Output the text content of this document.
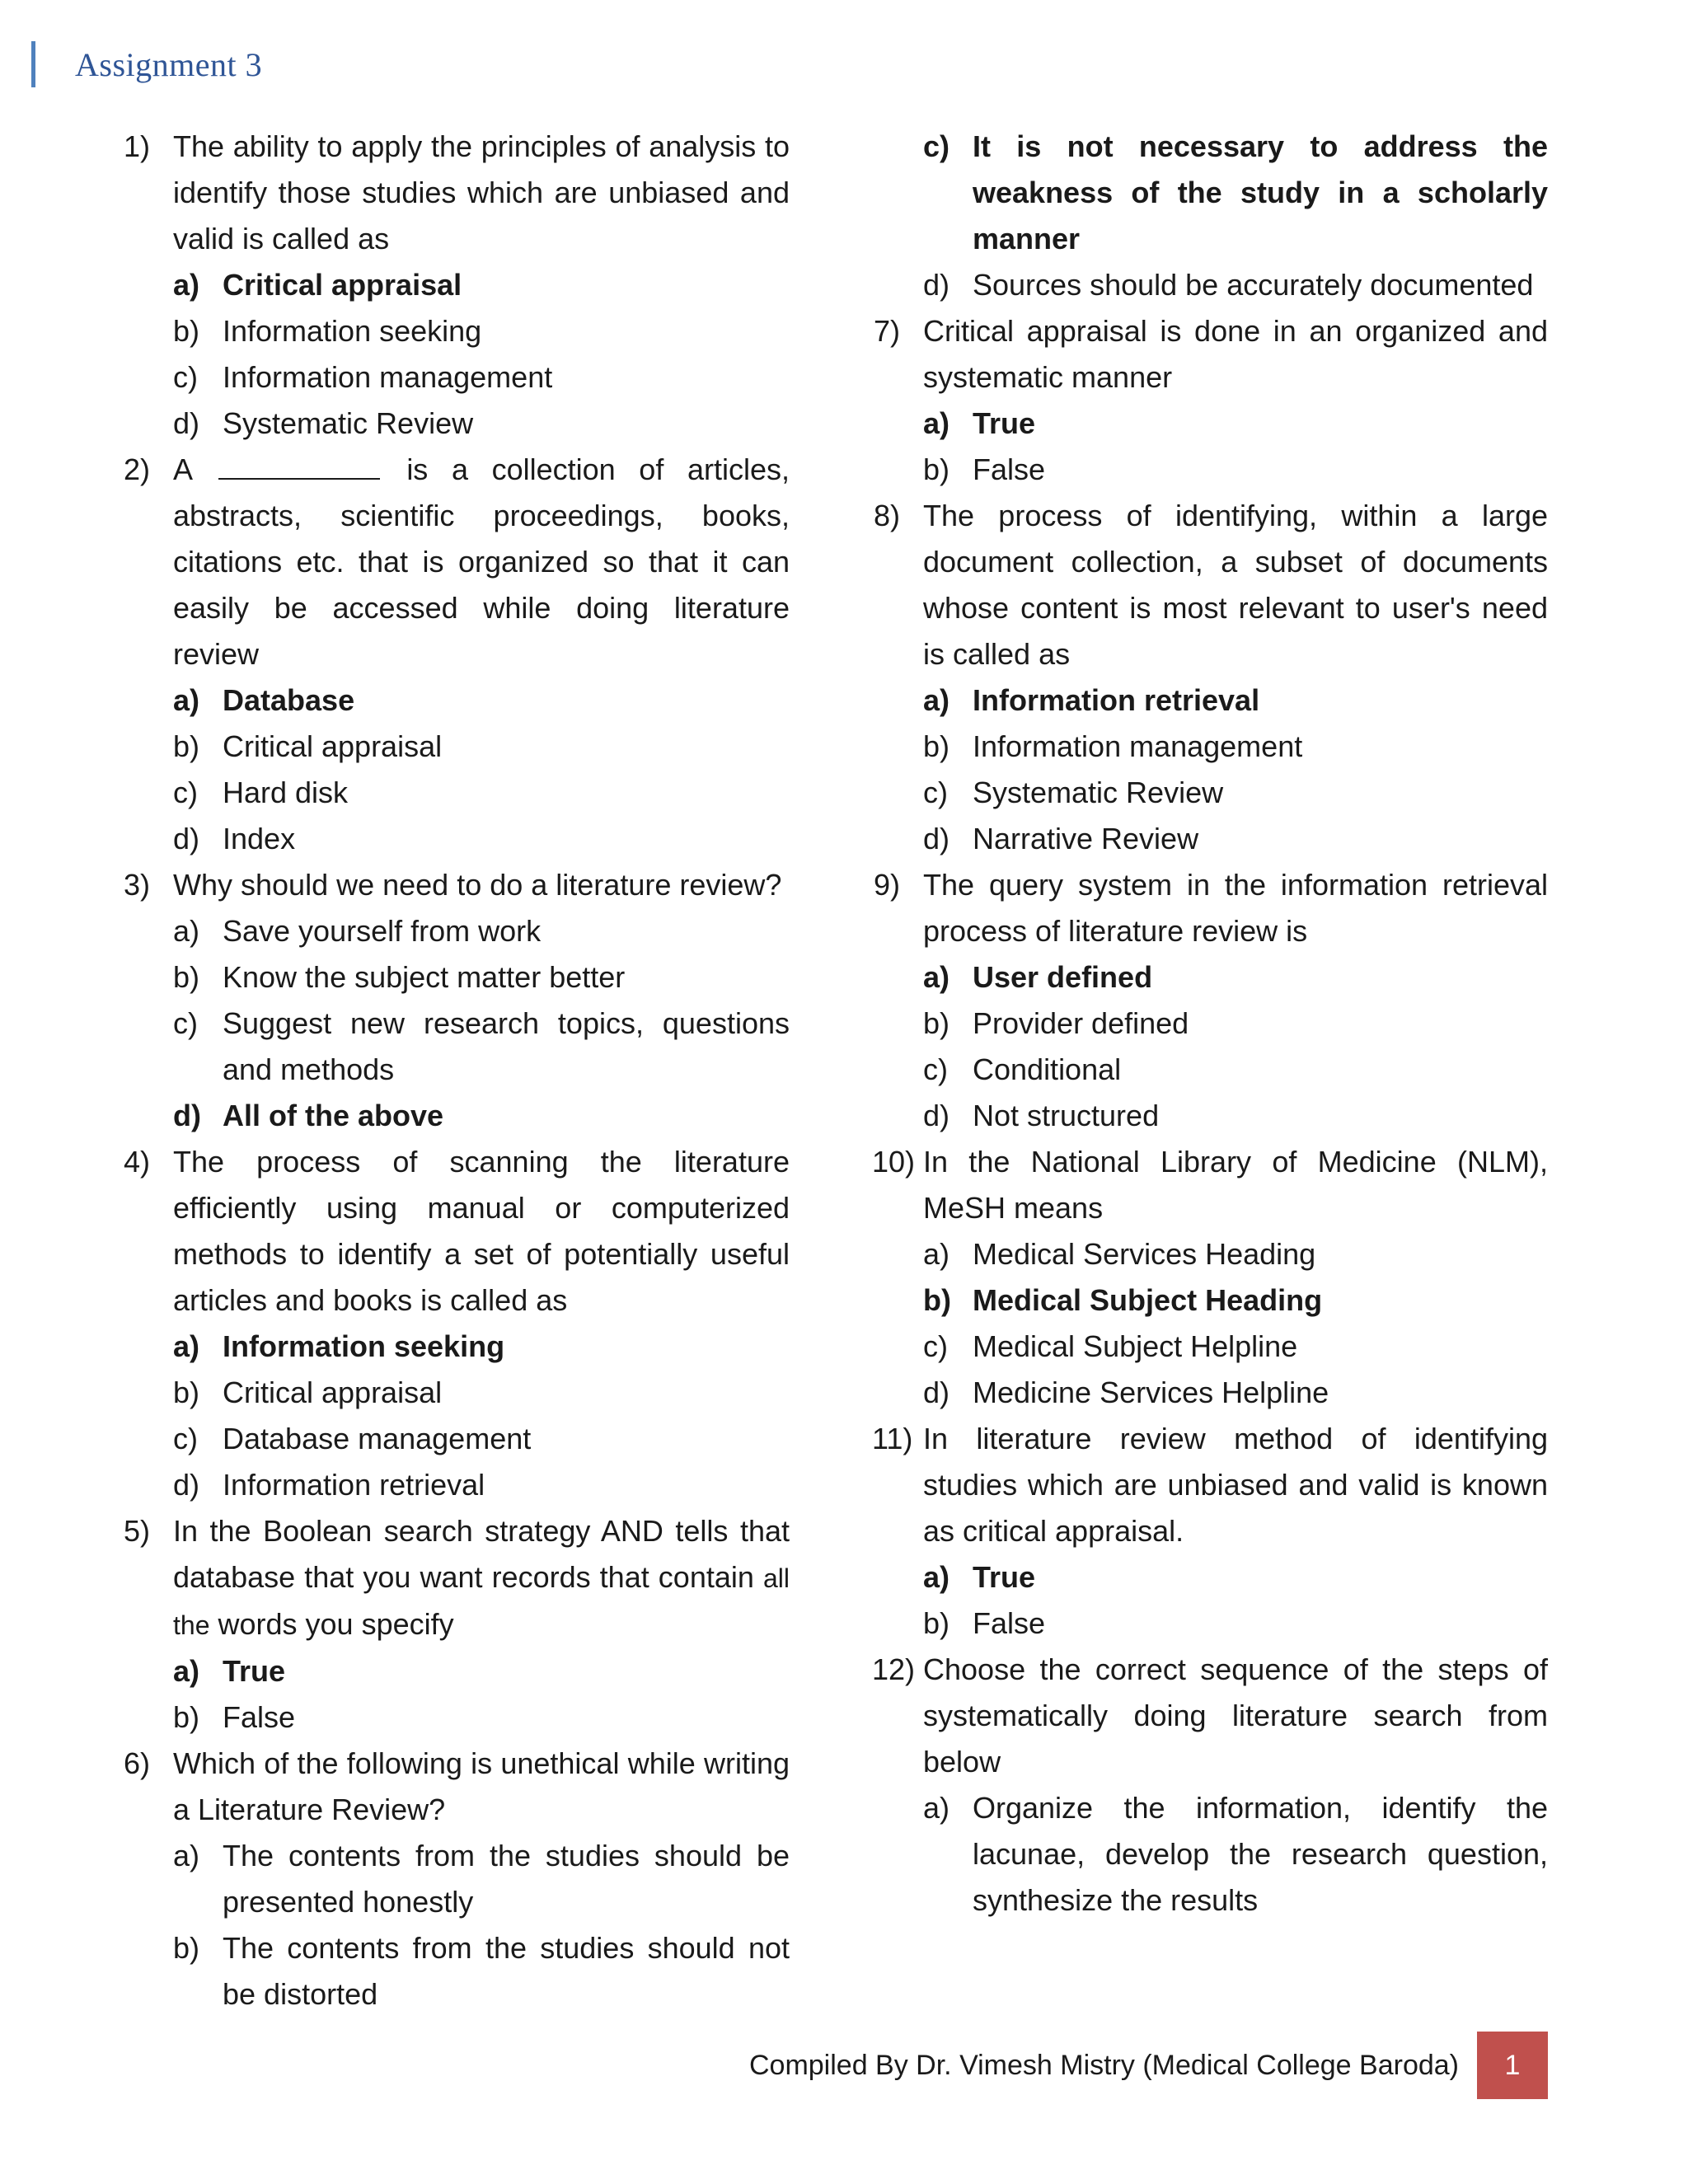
Assignment 3
1) The ability to apply the principles of analysis to identify those studies which are unbiased and valid is called as
a) Critical appraisal
b) Information seeking
c) Information management
d) Systematic Review
2) A	is a collection of articles, abstracts, scientific proceedings, books, citations etc. that is organized so that it can easily be accessed while doing literature review
a) Database
b) Critical appraisal
c) Hard disk
d) Index
3) Why should we need to do a literature review?
a) Save yourself from work
b) Know the subject matter better
c) Suggest new research topics, questions and methods
d) All of the above
4) The process of scanning the literature efficiently using manual or computerized methods to identify a set of potentially useful articles and books is called as
a) Information seeking
b) Critical appraisal
c) Database management
d) Information retrieval
5) In the Boolean search strategy AND tells that database that you want records that contain all the words you specify
a) True
b) False
6) Which of the following is unethical while writing a Literature Review?
a) The contents from the studies should be presented honestly
b) The contents from the studies should not be distorted
c) It is not necessary to address the weakness of the study in a scholarly manner
d) Sources should be accurately documented
7) Critical appraisal is done in an organized and systematic manner
a) True
b) False
8) The process of identifying, within a large document collection, a subset of documents whose content is most relevant to user's need is called as
a) Information retrieval
b) Information management
c) Systematic Review
d) Narrative Review
9) The query system in the information retrieval process of literature review is
a) User defined
b) Provider defined
c) Conditional
d) Not structured
10) In the National Library of Medicine (NLM), MeSH means
a) Medical Services Heading
b) Medical Subject Heading
c) Medical Subject Helpline
d) Medicine Services Helpline
11) In literature review method of identifying studies which are unbiased and valid is known as critical appraisal.
a) True
b) False
12) Choose the correct sequence of the steps of systematically doing literature search from below
a) Organize the information, identify the lacunae, develop the research question, synthesize the results
Compiled By Dr. Vimesh Mistry (Medical College Baroda)	1
